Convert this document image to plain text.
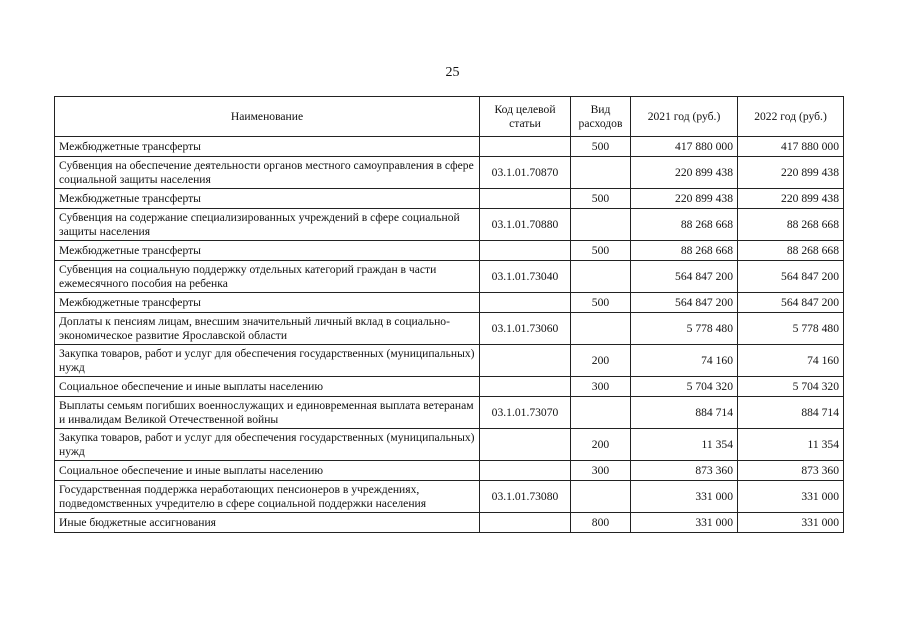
25
Наименование	Код целевой статьи	Вид расходов	2021 год (руб.)	2022 год (руб.)
Межбюджетные трансферты		500	417 880 000	417 880 000
Субвенция на обеспечение деятельности органов местного самоуправления в сфере социальной защиты населения	03.1.01.70870		220 899 438	220 899 438
Межбюджетные трансферты		500	220 899 438	220 899 438
Субвенция на содержание специализированных учреждений в сфере социальной защиты населения	03.1.01.70880		88 268 668	88 268 668
Межбюджетные трансферты		500	88 268 668	88 268 668
Субвенция на социальную поддержку отдельных категорий граждан в части ежемесячного пособия на ребенка	03.1.01.73040		564 847 200	564 847 200
Межбюджетные трансферты		500	564 847 200	564 847 200
Доплаты к пенсиям лицам, внесшим значительный личный вклад в социально-экономическое развитие Ярославской области	03.1.01.73060		5 778 480	5 778 480
Закупка товаров, работ и услуг для обеспечения государственных (муниципальных) нужд		200	74 160	74 160
Социальное обеспечение и иные выплаты населению		300	5 704 320	5 704 320
Выплаты семьям погибших военнослужащих и единовременная выплата ветеранам и инвалидам Великой Отечественной войны	03.1.01.73070		884 714	884 714
Закупка товаров, работ и услуг для обеспечения государственных (муниципальных) нужд		200	11 354	11 354
Социальное обеспечение и иные выплаты населению		300	873 360	873 360
Государственная поддержка неработающих пенсионеров в учреждениях, подведомственных учредителю в сфере социальной поддержки населения	03.1.01.73080		331 000	331 000
Иные бюджетные ассигнования		800	331 000	331 000
